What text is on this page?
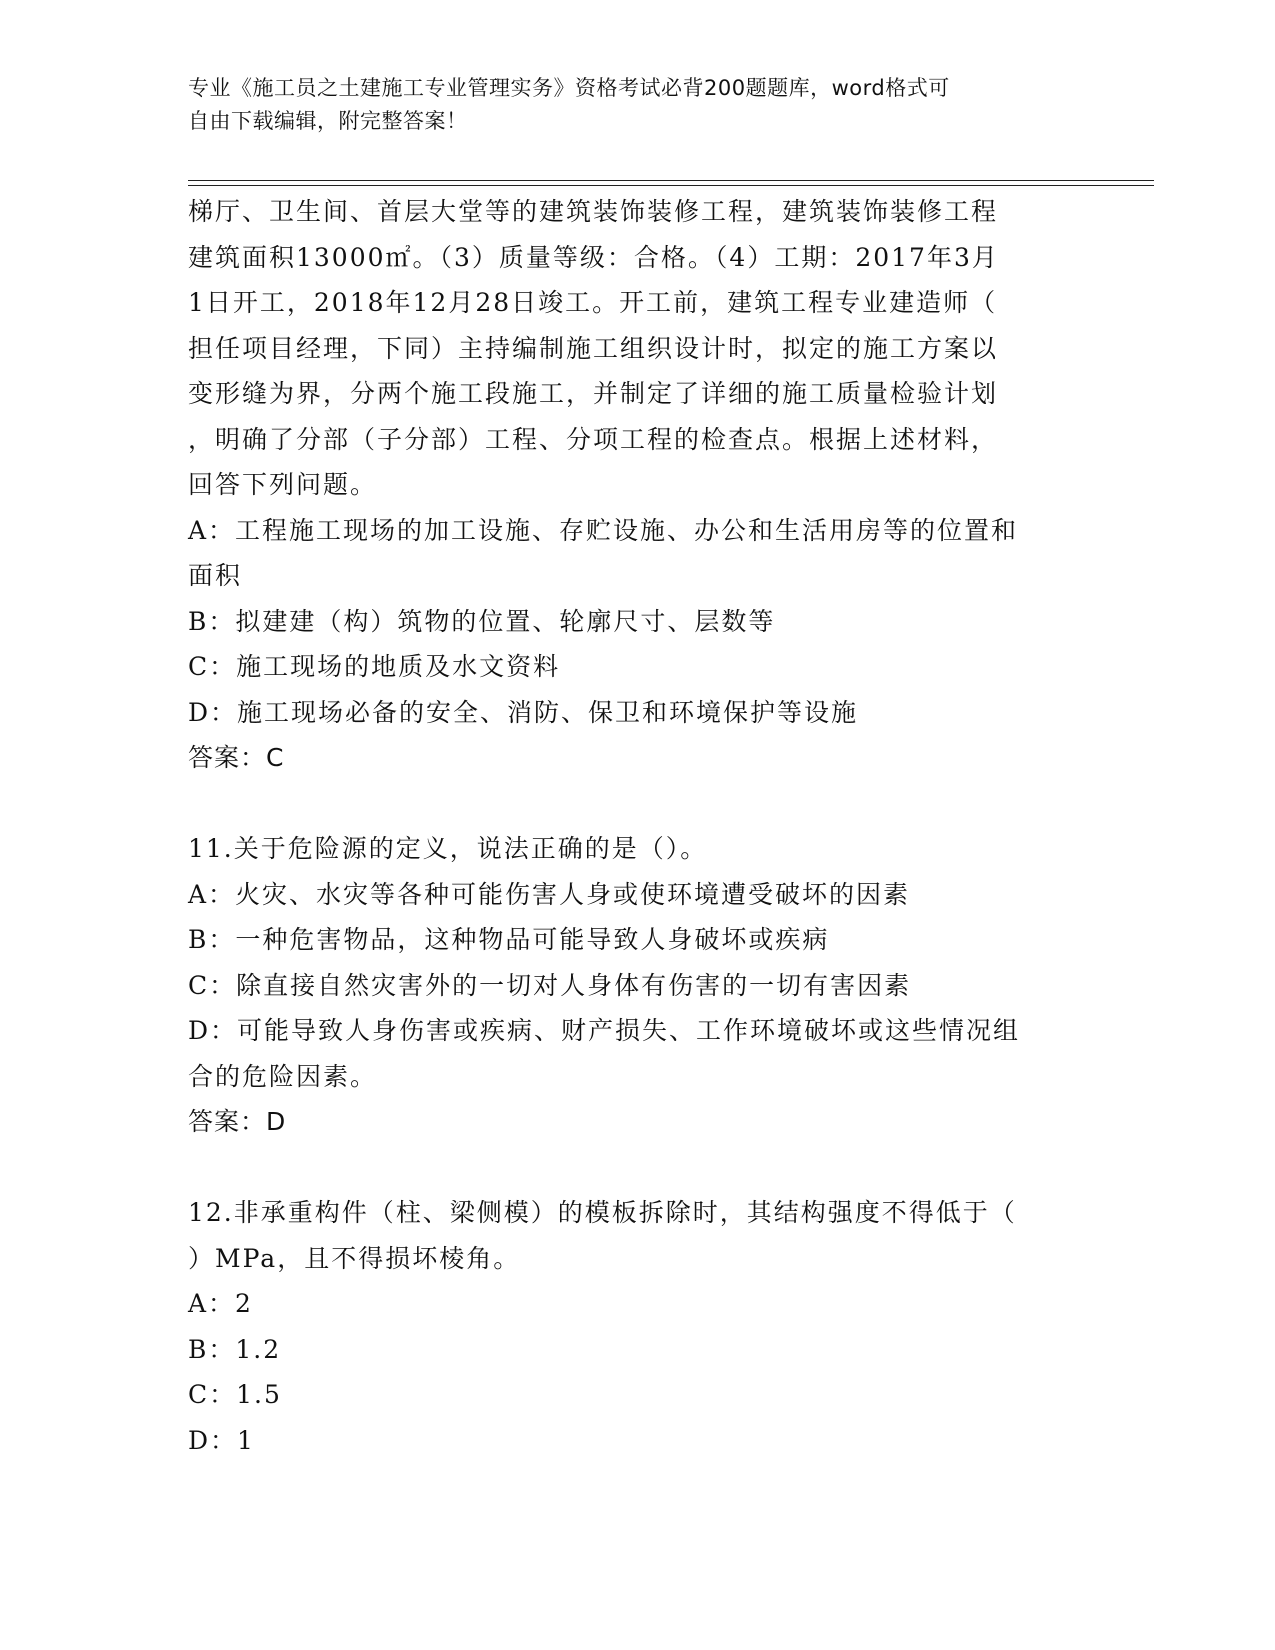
专业《施工员之土建施工专业管理实务》资格考试必背200题题库，word格式可
自由下载编辑，附完整答案！

梯厅、卫生间、首层大堂等的建筑装饰装修工程，建筑装饰装修工程

建筑面积13000㎡。（3）质量等级：合格。（4）工期：2017年3月

1日开工，2018年12月28日竣工。开工前，建筑工程专业建造师（

担任项目经理，下同）主持编制施工组织设计时，拟定的施工方案以

变形缝为界，分两个施工段施工，并制定了详细的施工质量检验计划

，明确了分部（子分部）工程、分项工程的检查点。根据上述材料，

回答下列问题。

A：工程施工现场的加工设施、存贮设施、办公和生活用房等的位置和

面积

B：拟建建（构）筑物的位置、轮廓尺寸、层数等

C：施工现场的地质及水文资料

D：施工现场必备的安全、消防、保卫和环境保护等设施

答案：C

11.关于危险源的定义，说法正确的是（）。

A：火灾、水灾等各种可能伤害人身或使环境遭受破坏的因素

B：一种危害物品，这种物品可能导致人身破坏或疾病

C：除直接自然灾害外的一切对人身体有伤害的一切有害因素

D：可能导致人身伤害或疾病、财产损失、工作环境破坏或这些情况组

合的危险因素。

答案：D

12.非承重构件（柱、梁侧模）的模板拆除时，其结构强度不得低于（

）MPa，且不得损坏棱角。

A：2

B：1.2

C：1.5

D：1
